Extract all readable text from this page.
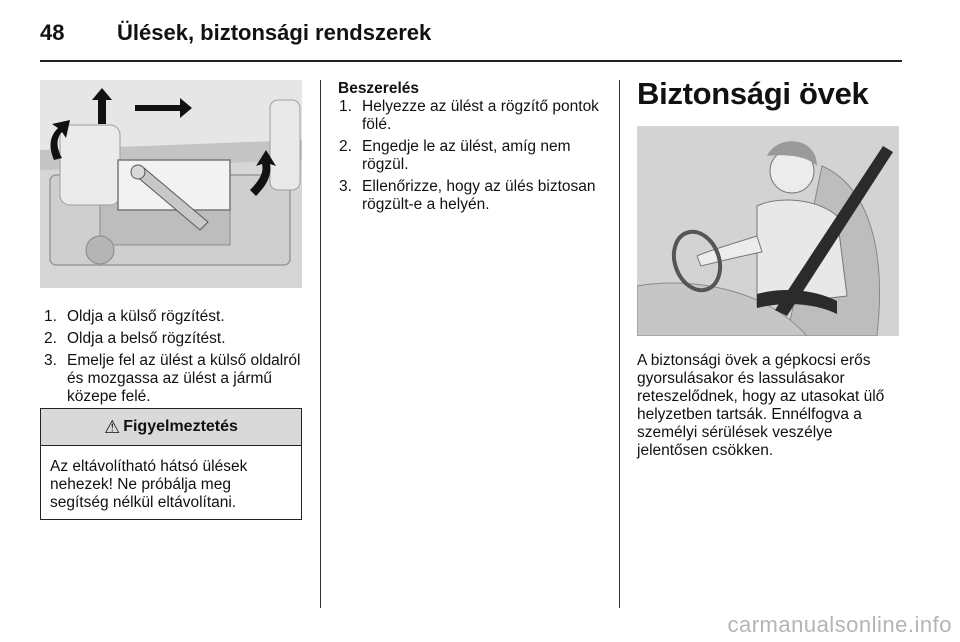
48 Ülések, biztonsági rendszerek
1. Oldja a külső rögzítést.
2. Oldja a belső rögzítést.
3. Emelje fel az ülést a külső oldalról és mozgassa az ülést a jármű közepe felé.
⚠ Figyelmeztetés
Az eltávolítható hátsó ülések nehezek! Ne próbálja meg segítség nélkül eltávolítani.
Beszerelés
1. Helyezze az ülést a rögzítő pontok fölé.
2. Engedje le az ülést, amíg nem rögzül.
3. Ellenőrizze, hogy az ülés biztosan rögzült-e a helyén.
Biztonsági övek
A biztonsági övek a gépkocsi erős gyorsulásakor és lassulásakor reteszelődnek, hogy az utasokat ülő helyzetben tartsák. Ennélfogva a személyi sérülések veszélye jelentősen csökken.
carmanualsonline.info
